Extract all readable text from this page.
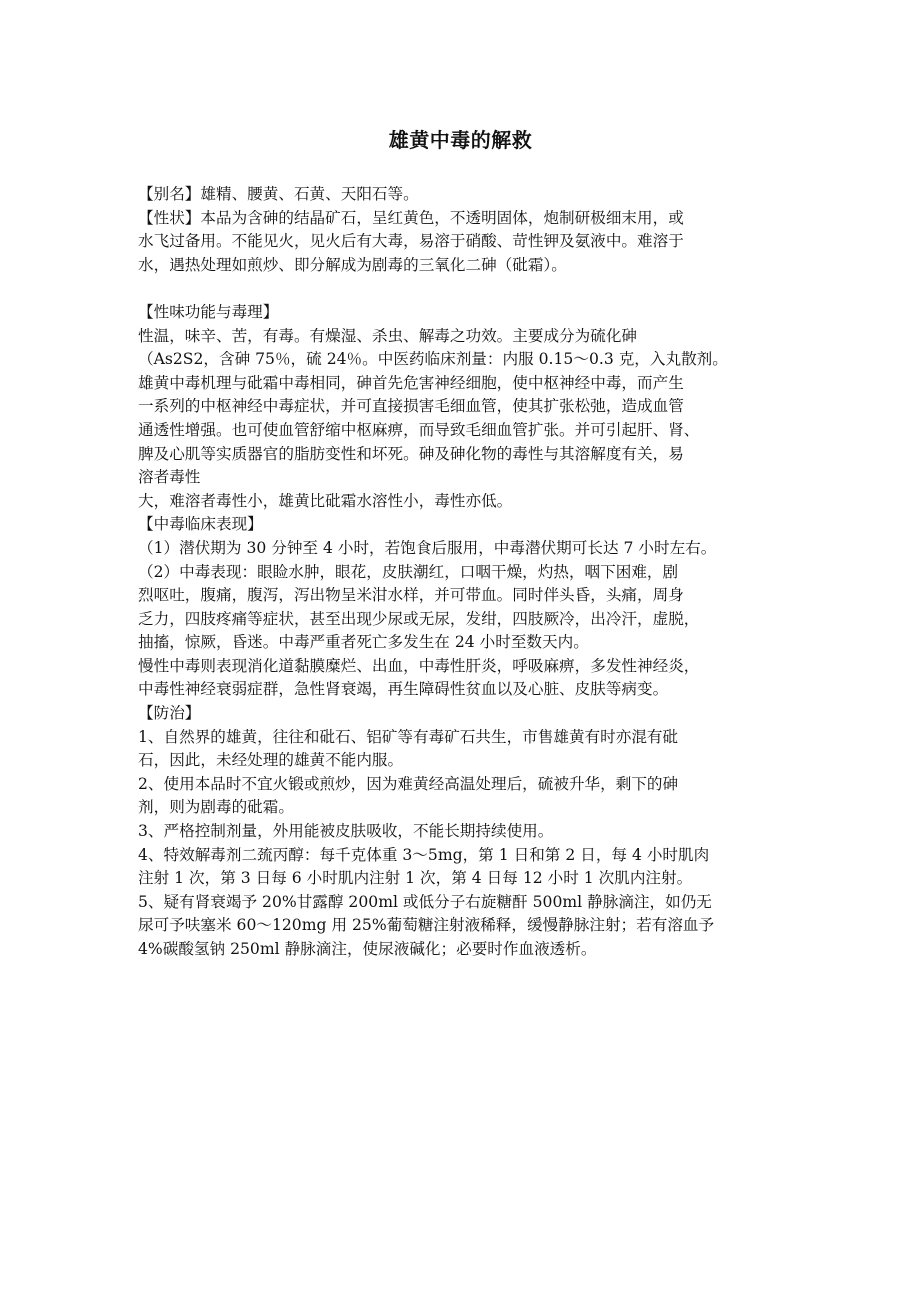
雄黄中毒的解救
【别名】雄精、腰黄、石黄、天阳石等。
【性状】本品为含砷的结晶矿石，呈红黄色，不透明固体，炮制研极细末用，或
水飞过备用。不能见火，见火后有大毒，易溶于硝酸、苛性钾及氨液中。难溶于
水，遇热处理如煎炒、即分解成为剧毒的三氧化二砷（砒霜）。
【性味功能与毒理】
性温，味辛、苦，有毒。有燥湿、杀虫、解毒之功效。主要成分为硫化砷
（As2S2，含砷 75％，硫 24％。中医药临床剂量：内服 0.15～0.3 克，入丸散剂。
雄黄中毒机理与砒霜中毒相同，砷首先危害神经细胞，使中枢神经中毒，而产生
一系列的中枢神经中毒症状，并可直接损害毛细血管，使其扩张松弛，造成血管
通透性增强。也可使血管舒缩中枢麻痹，而导致毛细血管扩张。并可引起肝、肾、
脾及心肌等实质器官的脂肪变性和坏死。砷及砷化物的毒性与其溶解度有关，易
溶者毒性
大，难溶者毒性小，雄黄比砒霜水溶性小，毒性亦低。
【中毒临床表现】
（1）潜伏期为 30 分钟至 4 小时，若饱食后服用，中毒潜伏期可长达 7 小时左右。
（2）中毒表现：眼睑水肿，眼花，皮肤潮红，口咽干燥，灼热，咽下困难，剧
烈呕吐，腹痛，腹泻，泻出物呈米泔水样，并可带血。同时伴头昏，头痛，周身
乏力，四肢疼痛等症状，甚至出现少尿或无尿，发绀，四肢厥冷，出冷汗，虚脱，
抽搐，惊厥，昏迷。中毒严重者死亡多发生在 24 小时至数天内。
慢性中毒则表现消化道黏膜糜烂、出血，中毒性肝炎，呼吸麻痹，多发性神经炎，
中毒性神经衰弱症群，急性肾衰竭，再生障碍性贫血以及心脏、皮肤等病变。
【防治】
1、自然界的雄黄，往往和砒石、铝矿等有毒矿石共生，市售雄黄有时亦混有砒
石，因此，未经处理的雄黄不能内服。
2、使用本品时不宜火锻或煎炒，因为难黄经高温处理后，硫被升华，剩下的砷
剂，则为剧毒的砒霜。
3、严格控制剂量，外用能被皮肤吸收，不能长期持续使用。
4、特效解毒剂二巯丙醇：每千克体重 3～5mg，第 1 日和第 2 日，每 4 小时肌肉
注射 1 次，第 3 日每 6 小时肌内注射 1 次，第 4 日每 12 小时 1 次肌内注射。
5、疑有肾衰竭予 20%甘露醇 200ml 或低分子右旋糖酐 500ml 静脉滴注，如仍无
尿可予呋塞米 60～120mg 用 25%葡萄糖注射液稀释，缓慢静脉注射；若有溶血予
4%碳酸氢钠 250ml 静脉滴注，使尿液碱化；必要时作血液透析。
